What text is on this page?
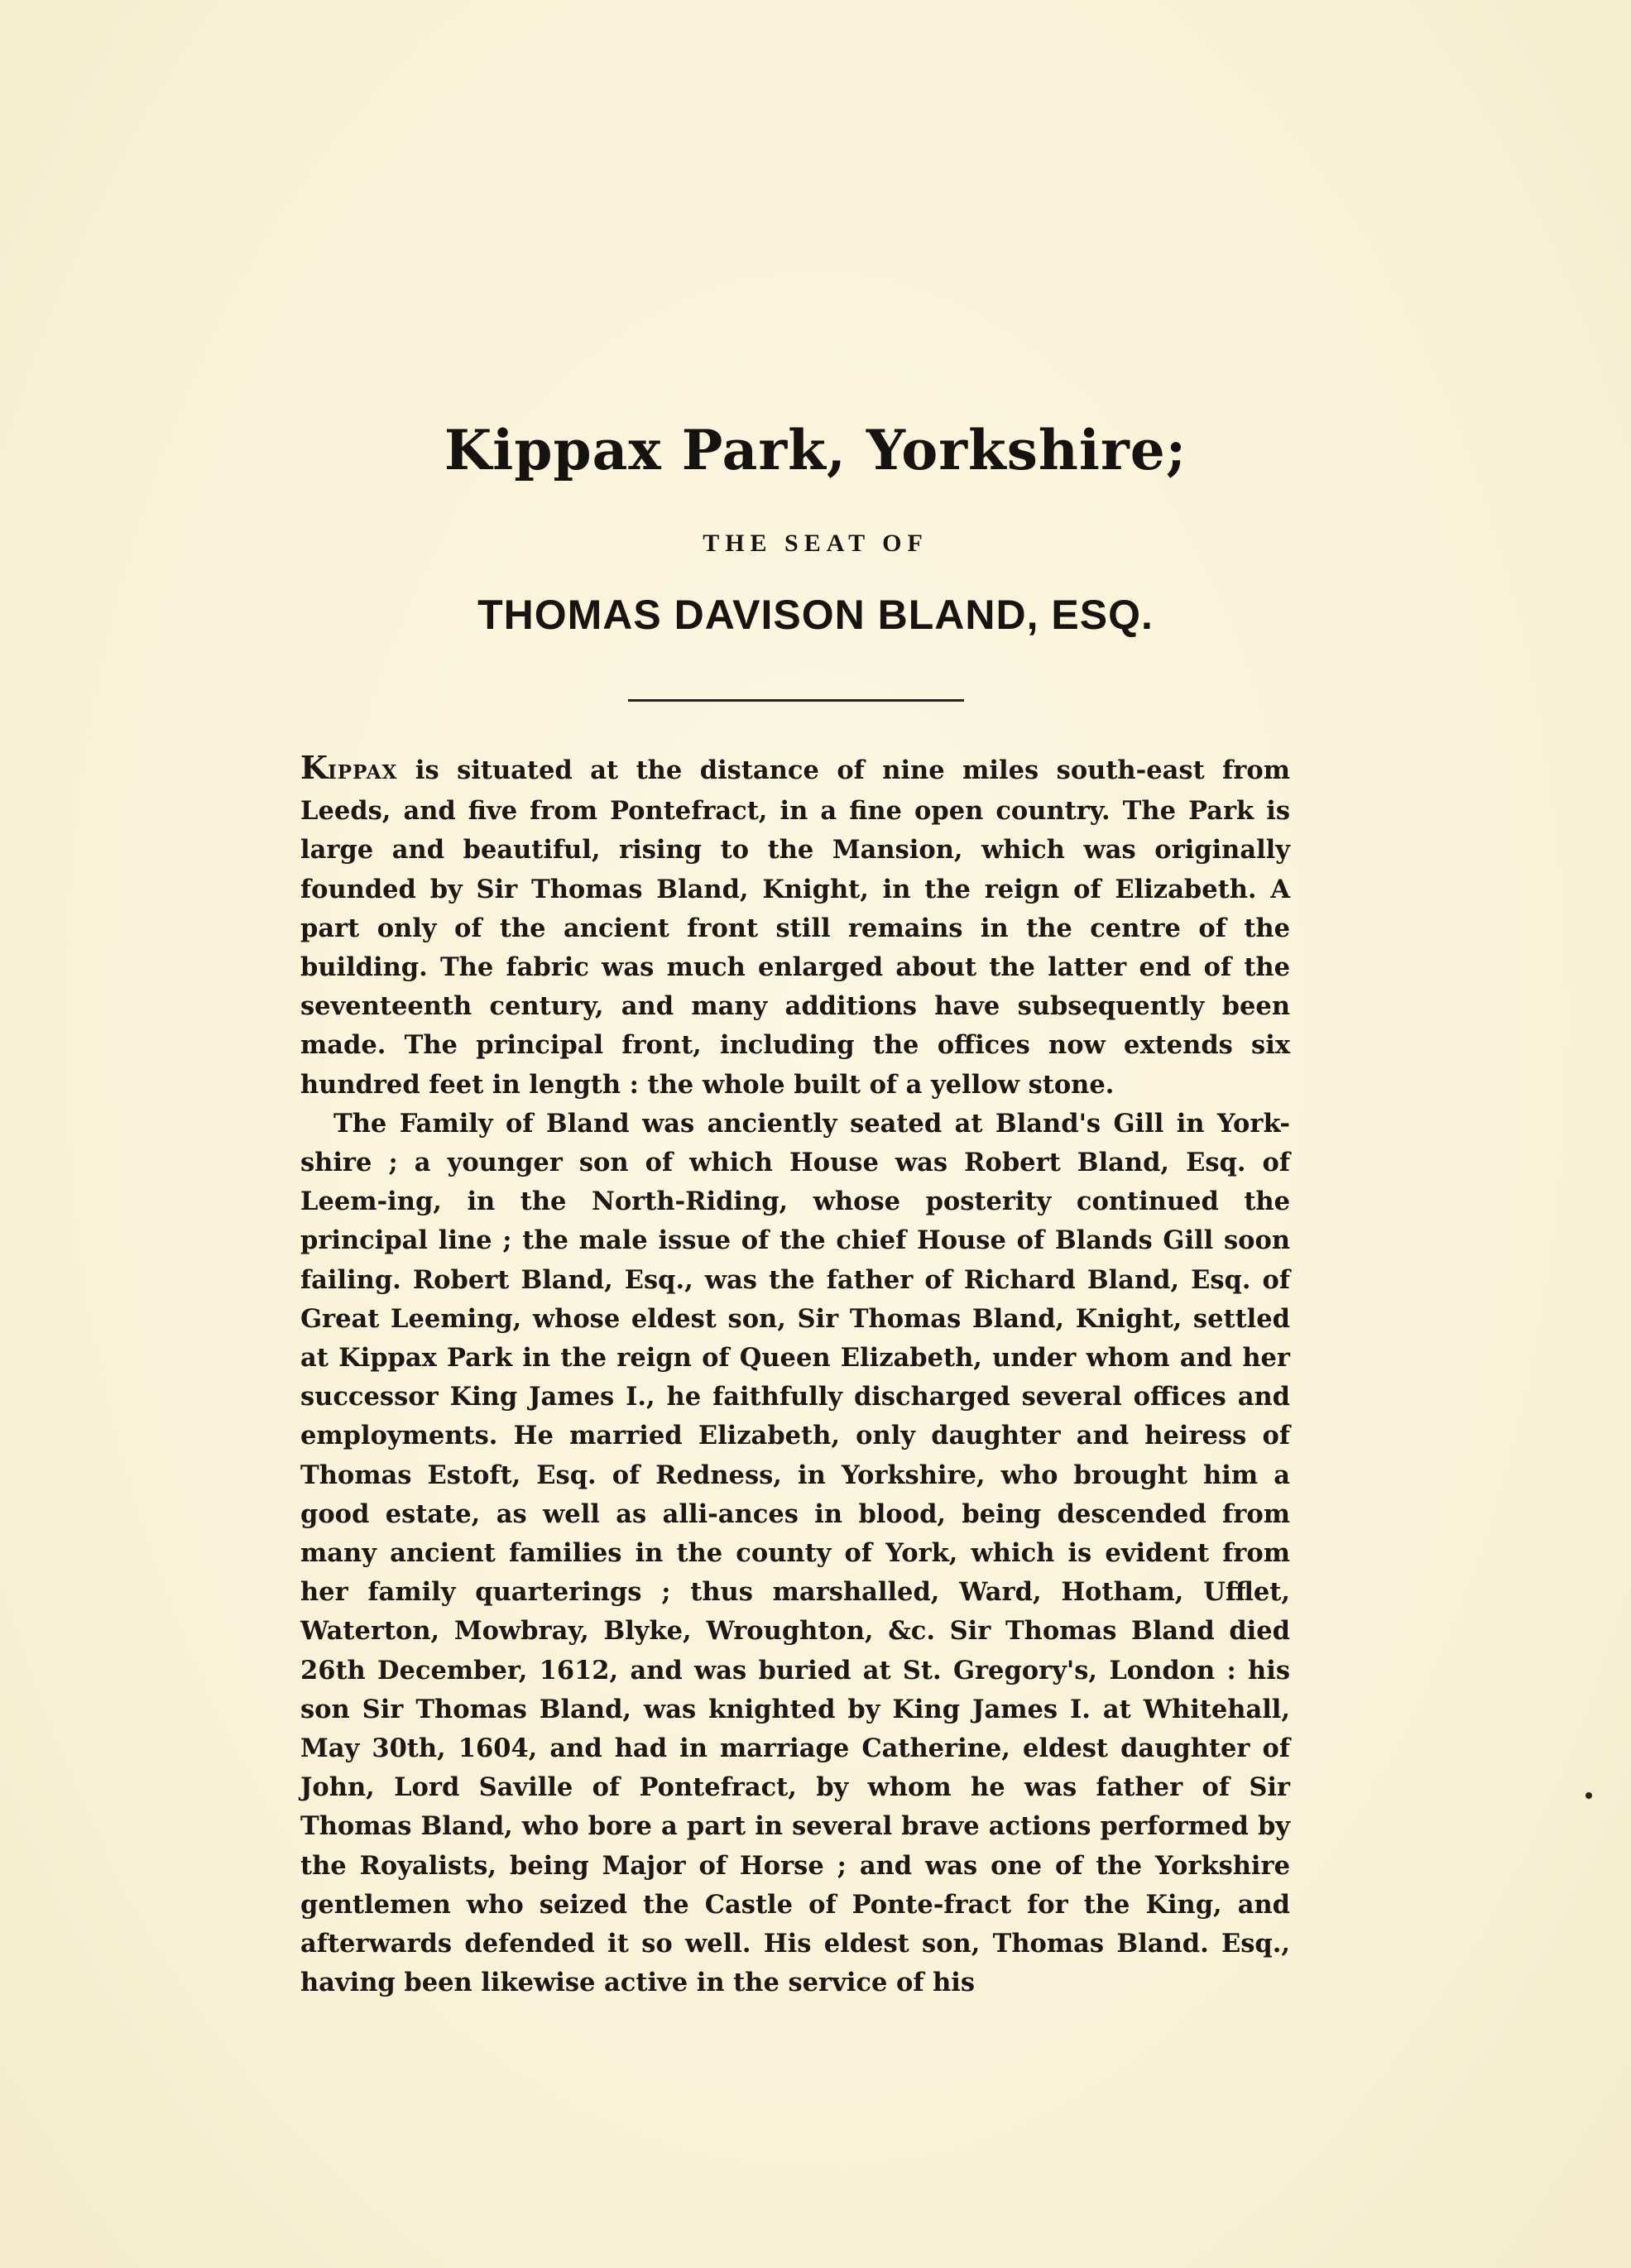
Kippax Park, Yorkshire;
THE SEAT OF
THOMAS DAVISON BLAND, ESQ.

KIPPAX is situated at the distance of nine miles south-east from Leeds, and five from Pontefract, in a fine open country. The Park is large and beautiful, rising to the Mansion, which was originally founded by Sir Thomas Bland, Knight, in the reign of Elizabeth. A part only of the ancient front still remains in the centre of the building. The fabric was much enlarged about the latter end of the seventeenth century, and many additions have subsequently been made. The principal front, including the offices now extends six hundred feet in length : the whole built of a yellow stone.

The Family of Bland was anciently seated at Bland's Gill in York-shire ; a younger son of which House was Robert Bland, Esq. of Leem-ing, in the North-Riding, whose posterity continued the principal line ; the male issue of the chief House of Blands Gill soon failing. Robert Bland, Esq., was the father of Richard Bland, Esq. of Great Leeming, whose eldest son, Sir Thomas Bland, Knight, settled at Kippax Park in the reign of Queen Elizabeth, under whom and her successor King James I., he faithfully discharged several offices and employments. He married Elizabeth, only daughter and heiress of Thomas Estoft, Esq. of Redness, in Yorkshire, who brought him a good estate, as well as alli-ances in blood, being descended from many ancient families in the county of York, which is evident from her family quarterings ; thus marshalled, Ward, Hotham, Ufflet, Waterton, Mowbray, Blyke, Wroughton, &c. Sir Thomas Bland died 26th December, 1612, and was buried at St. Gregory's, London : his son Sir Thomas Bland, was knighted by King James I. at Whitehall, May 30th, 1604, and had in marriage Catherine, eldest daughter of John, Lord Saville of Pontefract, by whom he was father of Sir Thomas Bland, who bore a part in several brave actions performed by the Royalists, being Major of Horse ; and was one of the Yorkshire gentlemen who seized the Castle of Ponte-fract for the King, and afterwards defended it so well. His eldest son, Thomas Bland. Esq., having been likewise active in the service of his
